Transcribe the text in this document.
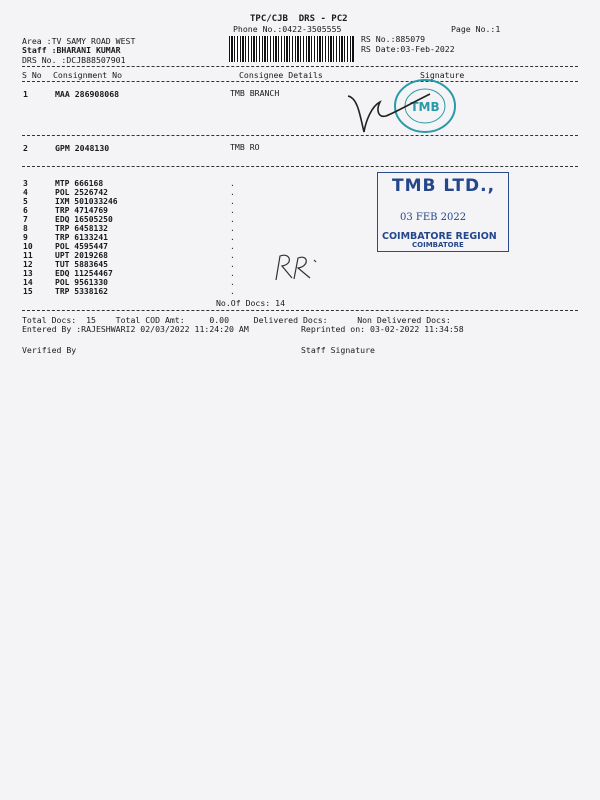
TPC/CJB  DRS - PC2
Phone No.:0422-3505555	Page No.:1
Area :TV SAMY ROAD WEST
Staff :BHARANI KUMAR
DRS No. :DCJB88507901
RS No.:885079
RS Date:03-Feb-2022
S No Consignment No	Consignee Details	Signature
1	MAA 286908068	TMB BRANCH
2	GPM 2048130	TMB RO
3	MTP 666168	.
4	POL 2526742	.
5	IXM 501033246	.
6	TRP 4714769	.
7	EDQ 16505250	.
8	TRP 6458132	.
9	TRP 6133241	.
10	POL 4595447	.
11	UPT 2019268	.
12	TUT 5883645	.
13	EDQ 11254467	.
14	POL 9561330	.
15	TRP 5338162	.
No.Of Docs: 14
Total Docs:  15    Total COD Amt:     0.00     Delivered Docs:      Non Delivered Docs:
Entered By :RAJESHWARI2 02/03/2022 11:24:20 AM	Reprinted on: 03-02-2022 11:34:58
Verified By	Staff Signature
TMB
TMB LTD.,
03 FEB 2022
COIMBATORE REGION
COIMBATORE
